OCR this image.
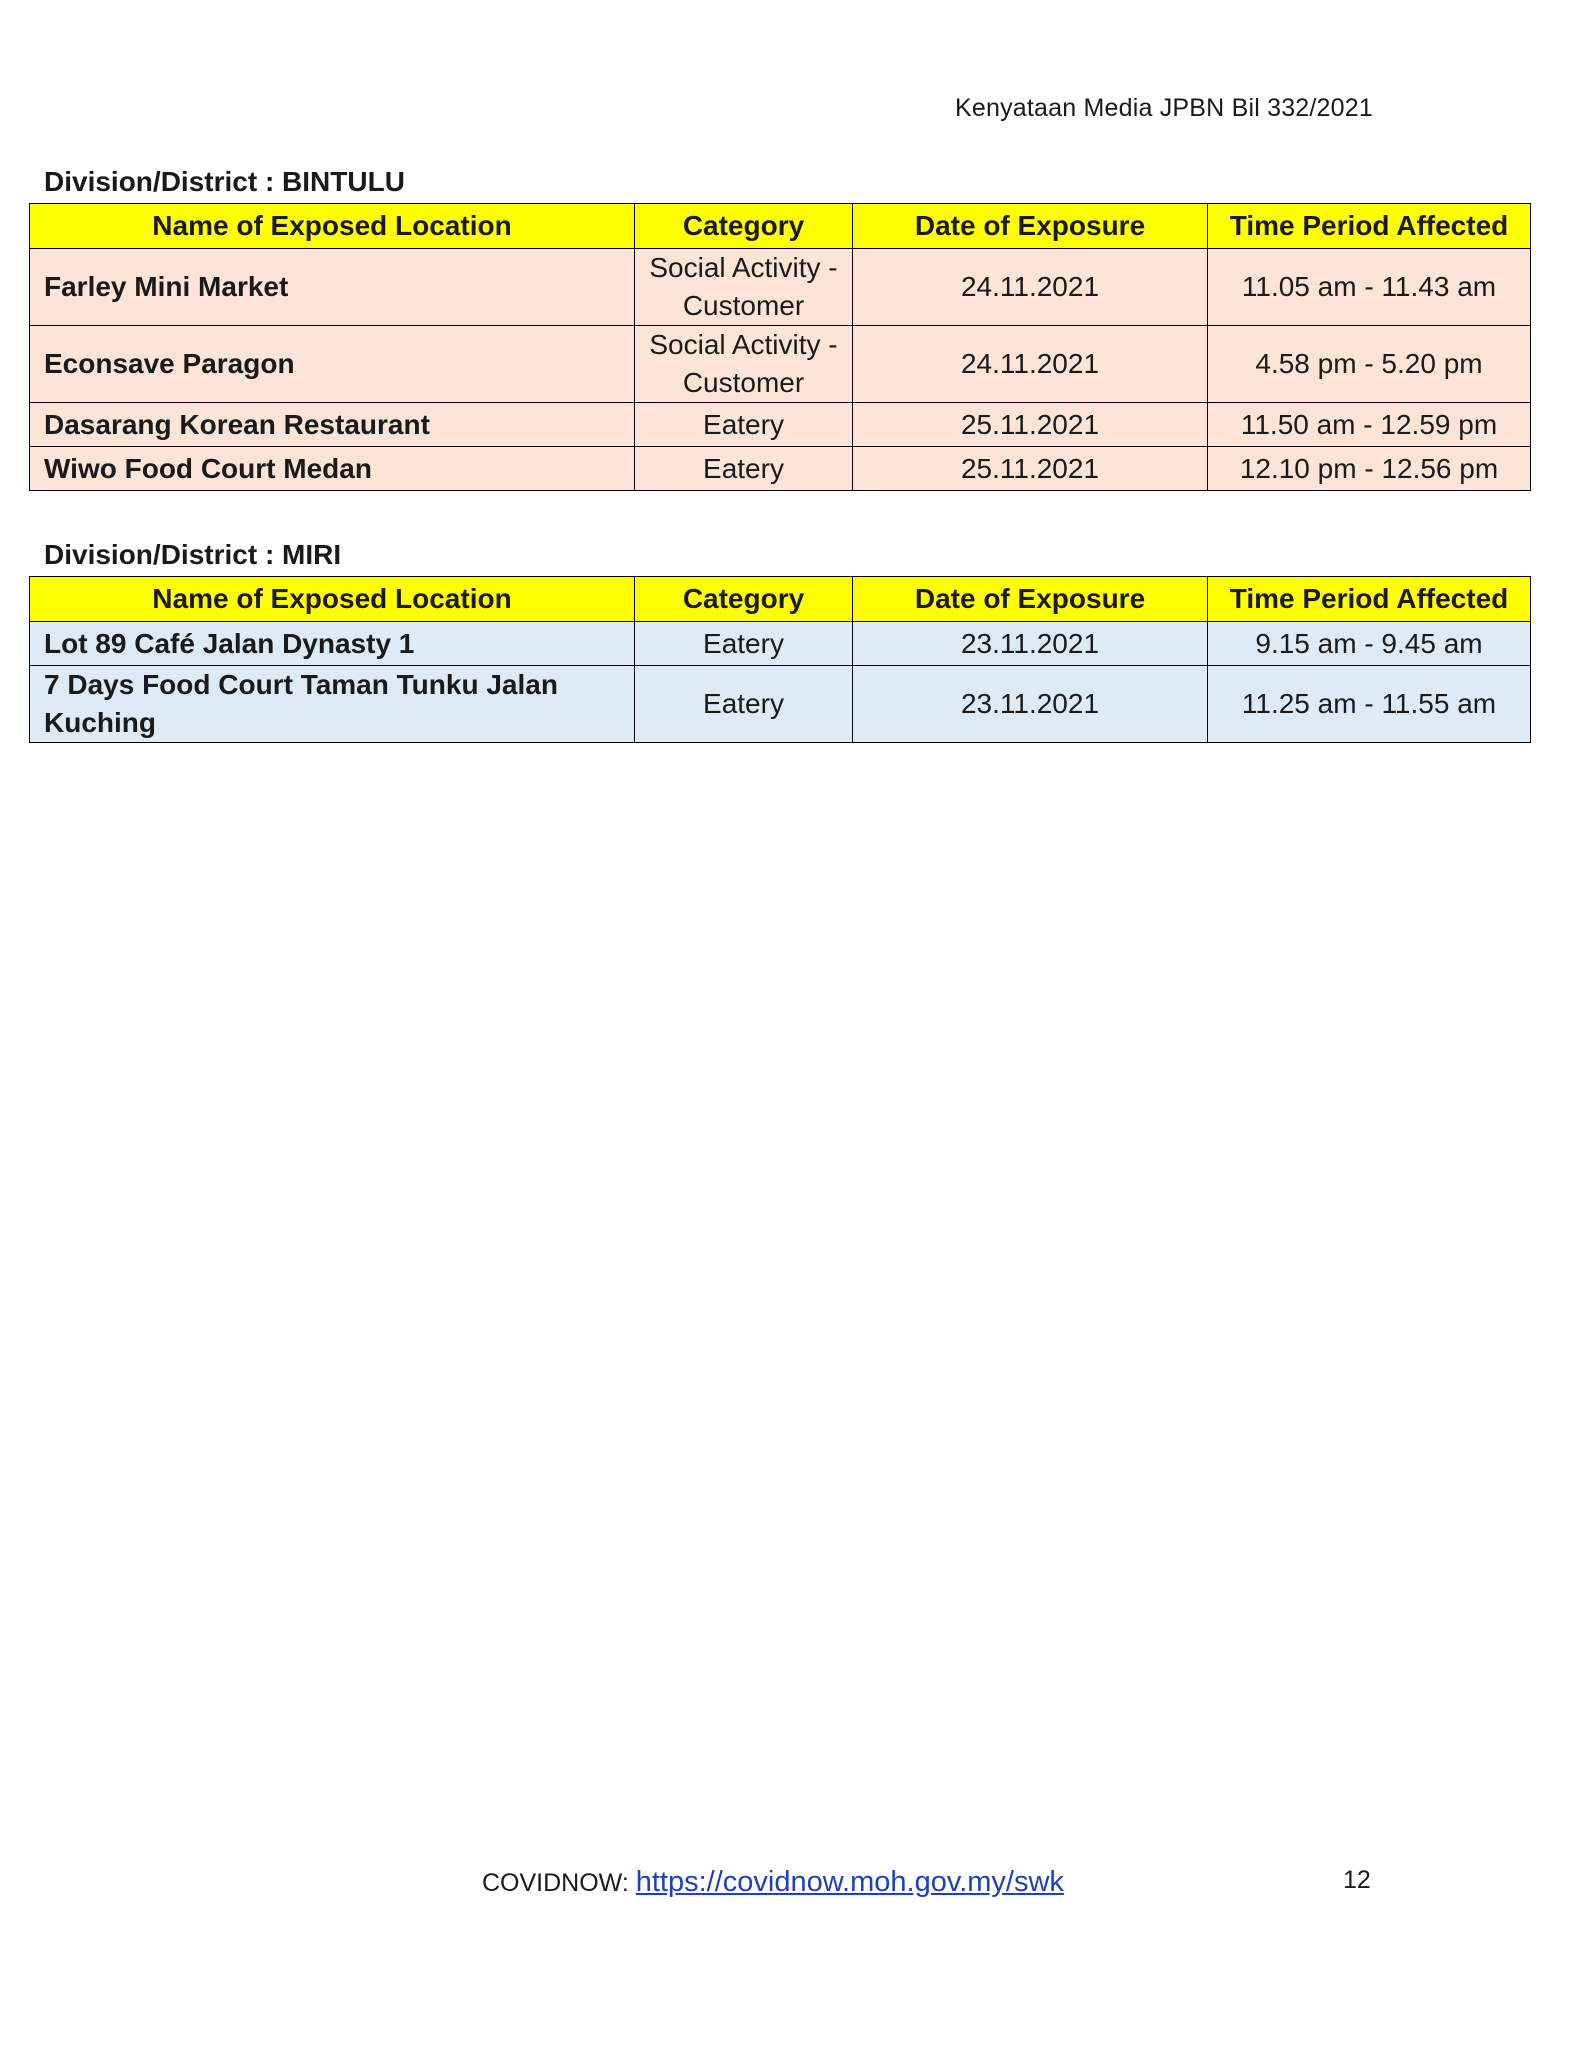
Kenyataan Media JPBN Bil 332/2021
Division/District : BINTULU
Name of Exposed Location	Category	Date of Exposure	Time Period Affected
Farley Mini Market	Social Activity - Customer	24.11.2021	11.05 am - 11.43 am
Econsave Paragon	Social Activity - Customer	24.11.2021	4.58 pm - 5.20 pm
Dasarang Korean Restaurant	Eatery	25.11.2021	11.50 am - 12.59 pm
Wiwo Food Court Medan	Eatery	25.11.2021	12.10 pm - 12.56 pm
Division/District : MIRI
Name of Exposed Location	Category	Date of Exposure	Time Period Affected
Lot 89 Café Jalan Dynasty 1	Eatery	23.11.2021	9.15 am - 9.45 am
7 Days Food Court Taman Tunku Jalan Kuching	Eatery	23.11.2021	11.25 am - 11.55 am
COVIDNOW: https://covidnow.moh.gov.my/swk	12
